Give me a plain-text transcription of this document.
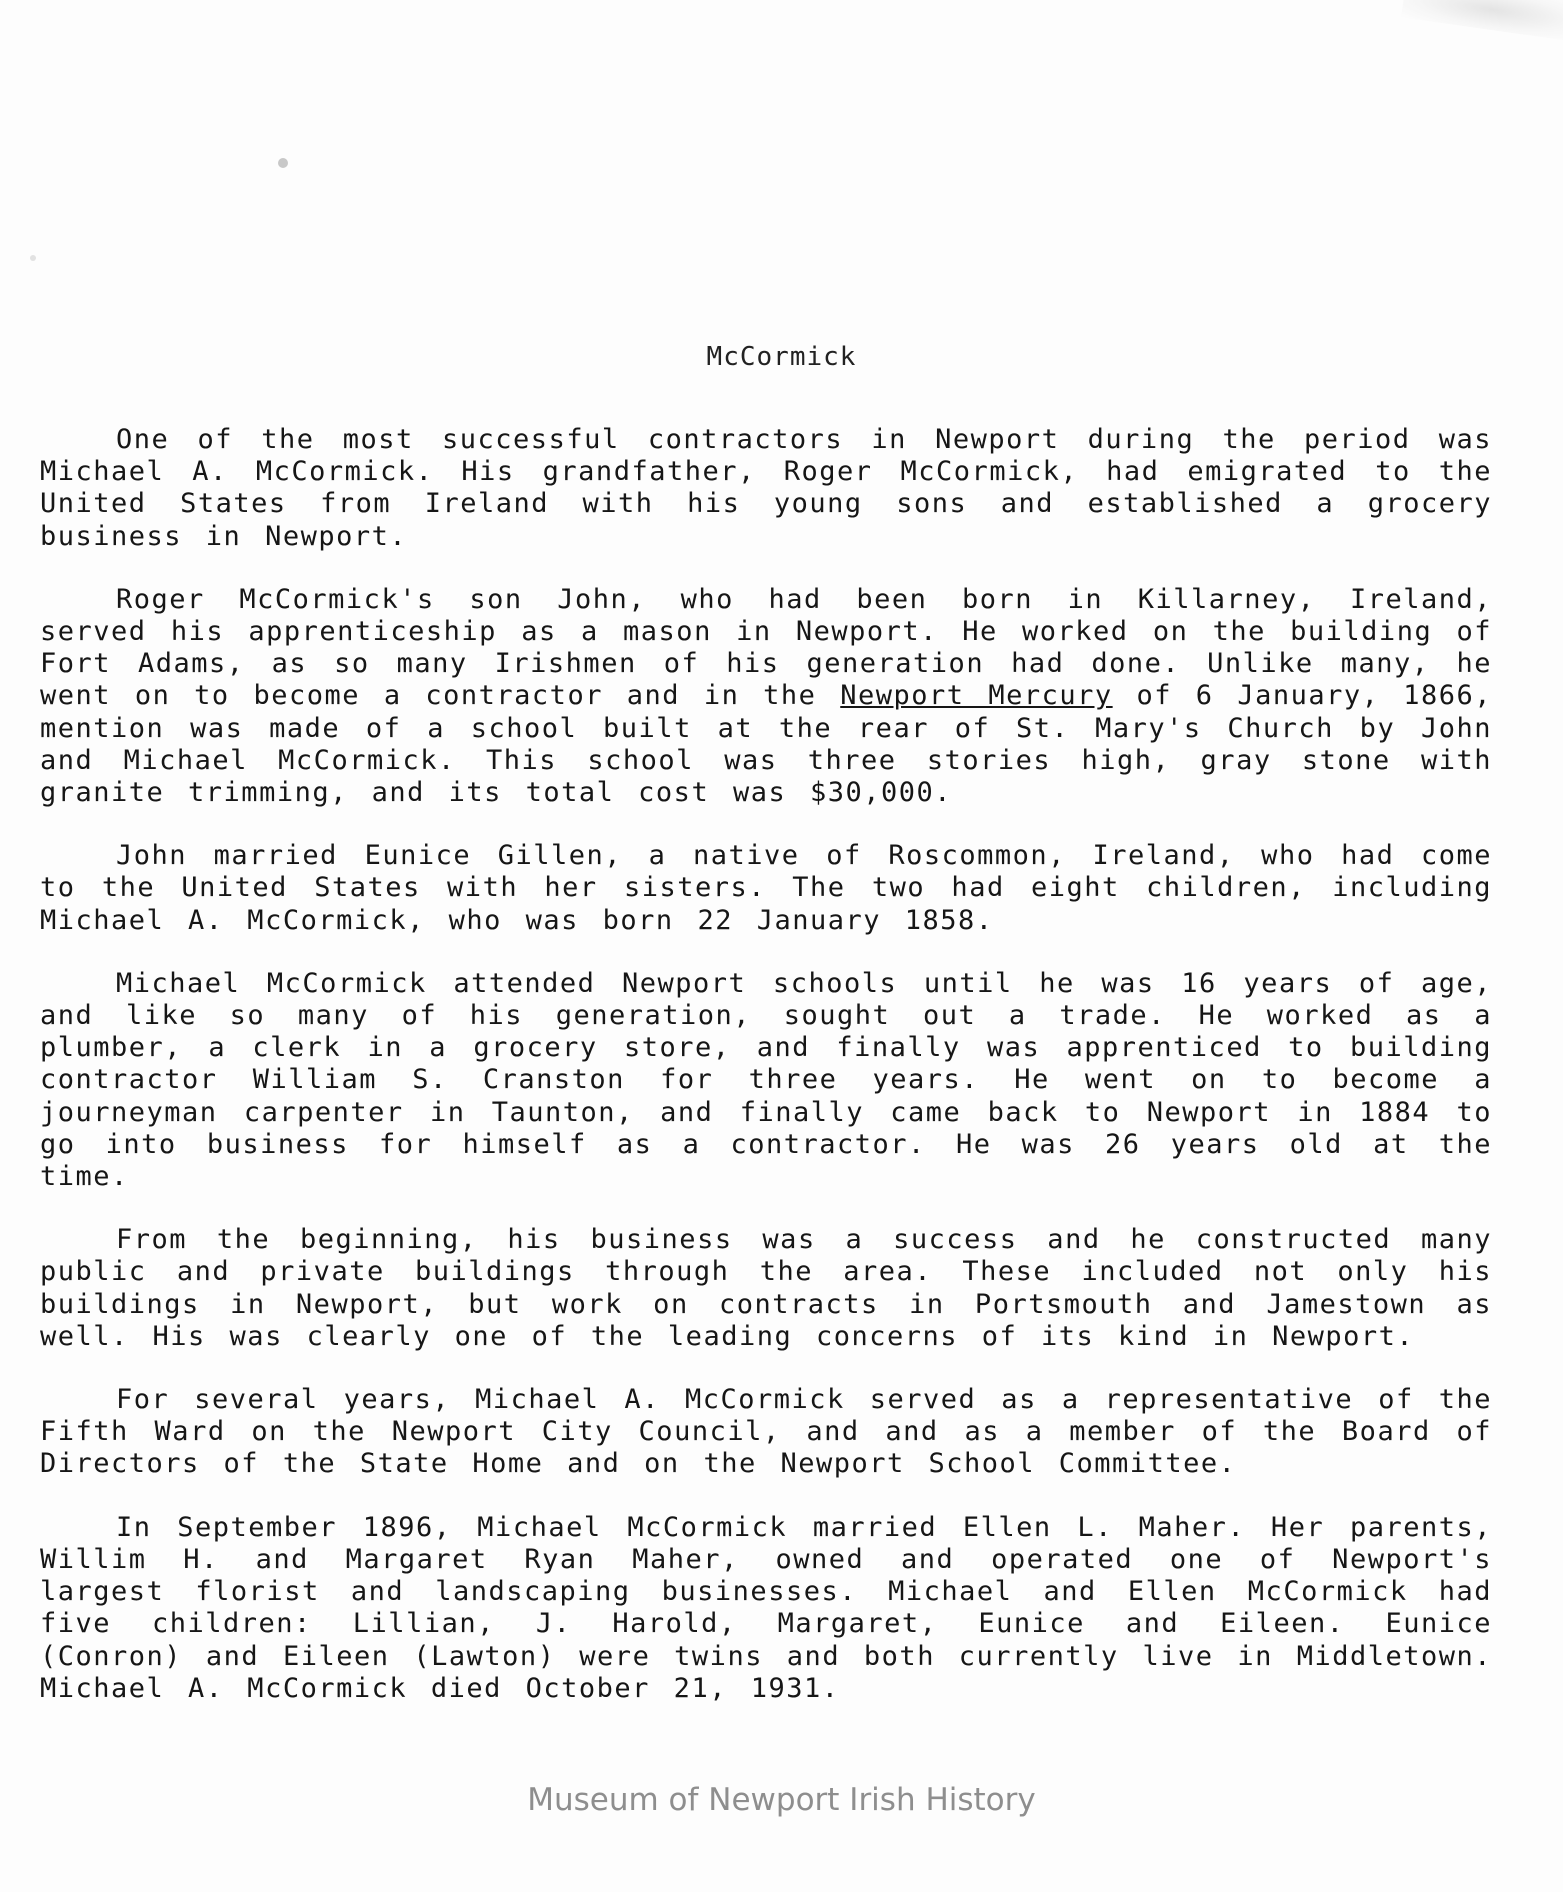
McCormick

One of the most successful contractors in Newport during the period was Michael A. McCormick. His grandfather, Roger McCormick, had emigrated to the United States from Ireland with his young sons and established a grocery business in Newport.

Roger McCormick's son John, who had been born in Killarney, Ireland, served his apprenticeship as a mason in Newport. He worked on the building of Fort Adams, as so many Irishmen of his generation had done. Unlike many, he went on to become a contractor and in the Newport Mercury of 6 January, 1866, mention was made of a school built at the rear of St. Mary's Church by John and Michael McCormick. This school was three stories high, gray stone with granite trimming, and its total cost was $30,000.

John married Eunice Gillen, a native of Roscommon, Ireland, who had come to the United States with her sisters. The two had eight children, including Michael A. McCormick, who was born 22 January 1858.

Michael McCormick attended Newport schools until he was 16 years of age, and like so many of his generation, sought out a trade. He worked as a plumber, a clerk in a grocery store, and finally was apprenticed to building contractor William S. Cranston for three years. He went on to become a journeyman carpenter in Taunton, and finally came back to Newport in 1884 to go into business for himself as a contractor. He was 26 years old at the time.

From the beginning, his business was a success and he constructed many public and private buildings through the area. These included not only his buildings in Newport, but work on contracts in Portsmouth and Jamestown as well. His was clearly one of the leading concerns of its kind in Newport.

For several years, Michael A. McCormick served as a representative of the Fifth Ward on the Newport City Council, and and as a member of the Board of Directors of the State Home and on the Newport School Committee.

In September 1896, Michael McCormick married Ellen L. Maher. Her parents, Willim H. and Margaret Ryan Maher, owned and operated one of Newport's largest florist and landscaping businesses. Michael and Ellen McCormick had five children: Lillian, J. Harold, Margaret, Eunice and Eileen. Eunice (Conron) and Eileen (Lawton) were twins and both currently live in Middletown. Michael A. McCormick died October 21, 1931.

Museum of Newport Irish History
